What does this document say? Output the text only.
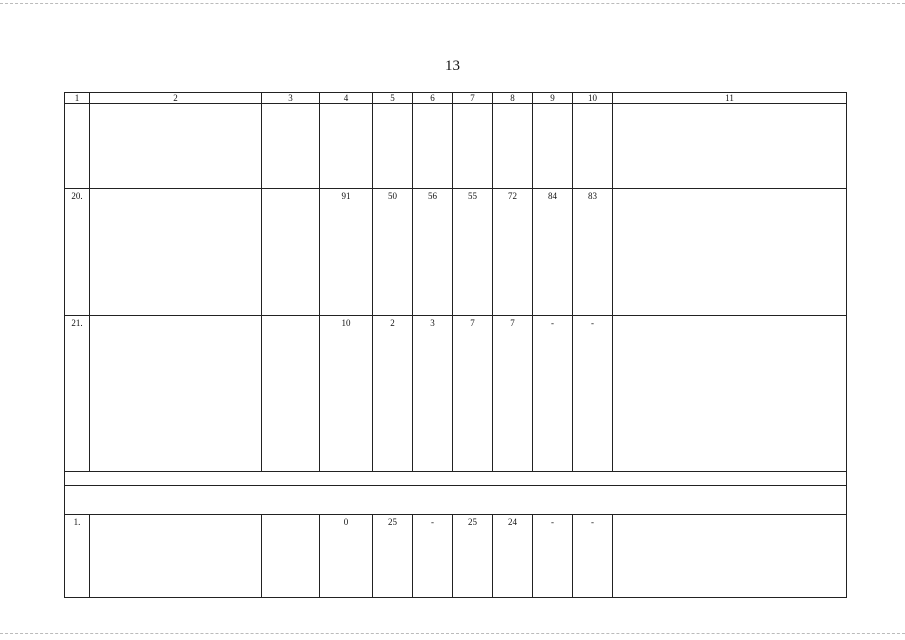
13
1	2	3	4	5	6	7	8	9	10	11

20.			91	50	56	55	72	84	83	
21.			10	2	3	7	7	-	-	

1.			0	25	-	25	24	-	-	
